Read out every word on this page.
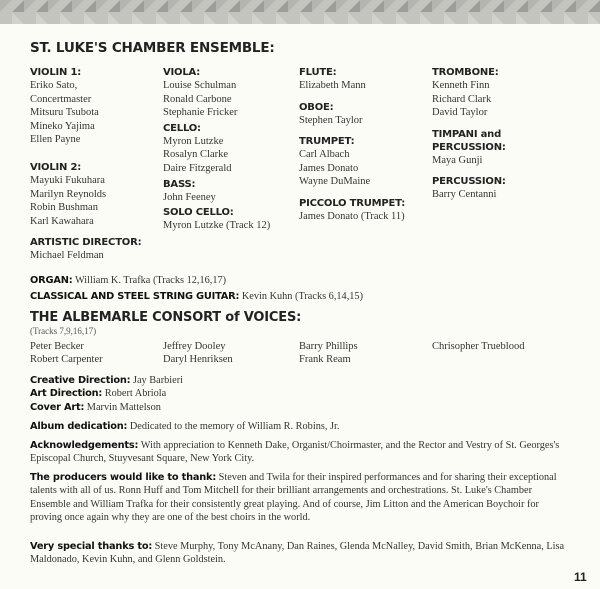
ST. LUKE'S CHAMBER ENSEMBLE:
VIOLIN 1:
Eriko Sato,
Concertmaster
Mitsuru Tsubota
Mineko Yajima
Ellen Payne
VIOLIN 2:
Mayuki Fukuhara
Marilyn Reynolds
Robin Bushman
Karl Kawahara
ARTISTIC DIRECTOR:
Michael Feldman
VIOLA:
Louise Schulman
Ronald Carbone
Stephanie Fricker
CELLO:
Myron Lutzke
Rosalyn Clarke
Daire Fitzgerald
BASS:
John Feeney
SOLO CELLO:
Myron Lutzke (Track 12)
FLUTE:
Elizabeth Mann
OBOE:
Stephen Taylor
TRUMPET:
Carl Albach
James Donato
Wayne DuMaine
PICCOLO TRUMPET:
James Donato (Track 11)
TROMBONE:
Kenneth Finn
Richard Clark
David Taylor
TIMPANI and PERCUSSION:
Maya Gunji
PERCUSSION:
Barry Centanni
ORGAN: William K. Trafka (Tracks 12,16,17)
CLASSICAL AND STEEL STRING GUITAR: Kevin Kuhn (Tracks 6,14,15)
THE ALBEMARLE CONSORT of VOICES:
(Tracks 7,9,16,17)
Peter Becker
Robert Carpenter
Jeffrey Dooley
Daryl Henriksen
Barry Phillips
Frank Ream
Chrisopher Trueblood
Creative Direction: Jay Barbieri
Art Direction: Robert Abriola
Cover Art: Marvin Mattelson
Album dedication: Dedicated to the memory of William R. Robins, Jr.
Acknowledgements: With appreciation to Kenneth Dake, Organist/Choirmaster, and the Rector and Vestry of St. Georges's Episcopal Church, Stuyvesant Square, New York City.
The producers would like to thank: Steven and Twila for their inspired performances and for sharing their exceptional talents with all of us. Ronn Huff and Tom Mitchell for their brilliant arrangements and orchestrations. St. Luke's Chamber Ensemble and William Trafka for their consistently great playing. And of course, Jim Litton and the American Boychoir for proving once again why they are one of the best choirs in the world.
Very special thanks to: Steve Murphy, Tony McAnany, Dan Raines, Glenda McNalley, David Smith, Brian McKenna, Lisa Maldonado, Kevin Kuhn, and Glenn Goldstein.
11
